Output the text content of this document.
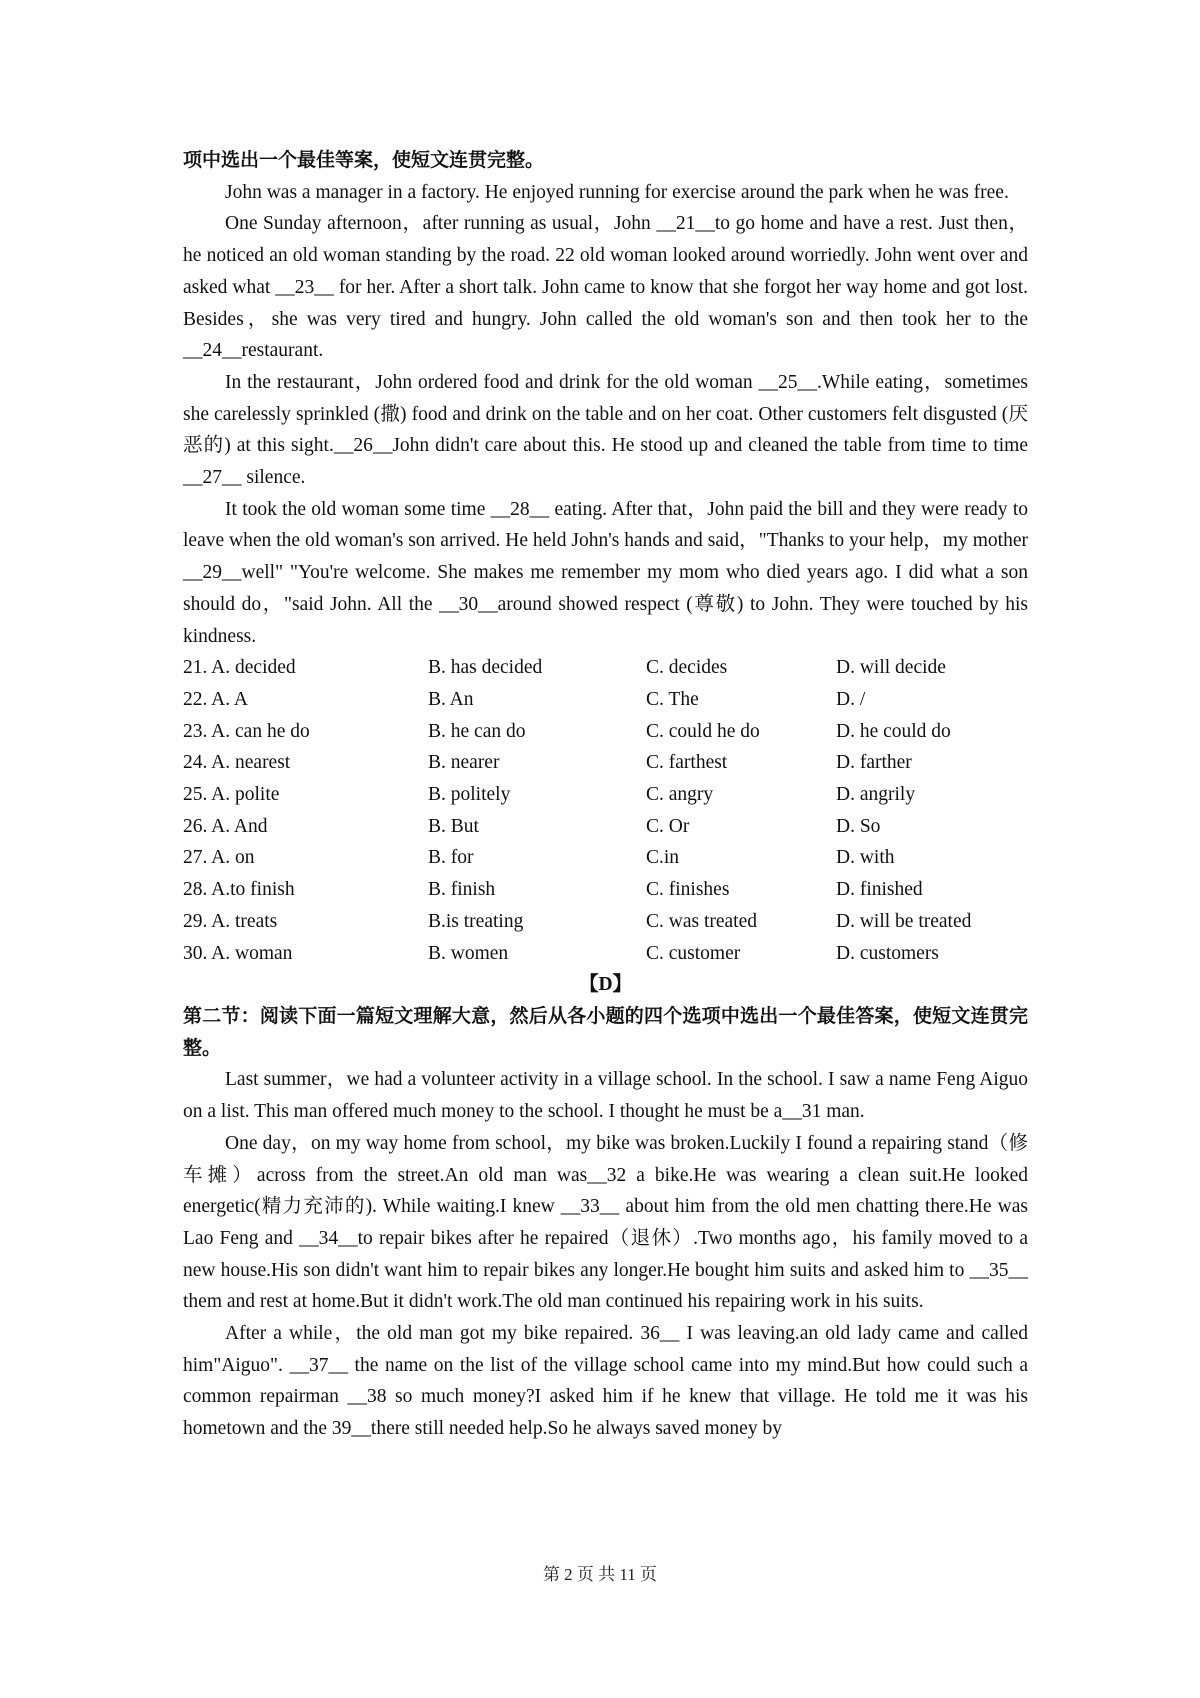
项中选出一个最佳等案，使短文连贯完整。
John was a manager in a factory. He enjoyed running for exercise around the park when he was free.
One Sunday afternoon，after running as usual，John __21__to go home and have a rest. Just then，he noticed an old woman standing by the road. 22 old woman looked around worriedly. John went over and asked what __23__ for her. After a short talk. John came to know that she forgot her way home and got lost. Besides，she was very tired and hungry. John called the old woman's son and then took her to the __24__restaurant.
In the restaurant，John ordered food and drink for the old woman __25__.While eating，sometimes she carelessly sprinkled (撒) food and drink on the table and on her coat. Other customers felt disgusted (厌恶的) at this sight.__26__John didn't care about this. He stood up and cleaned the table from time to time __27__ silence.
It took the old woman some time __28__ eating. After that，John paid the bill and they were ready to leave when the old woman's son arrived. He held John's hands and said，"Thanks to your help，my mother __29__well" "You're welcome. She makes me remember my mom who died years ago. I did what a son should do，"said John. All the __30__around showed respect (尊敬) to John. They were touched by his kindness.
21. A. decided	B. has decided	C. decides	D. will decide
22. A. A	B. An	C. The	D. /
23. A. can he do	B. he can do	C. could he do	D. he could do
24. A. nearest	B. nearer	C. farthest	D. farther
25. A. polite	B. politely	C. angry	D. angrily
26. A. And	B. But	C. Or	D. So
27. A. on	B. for	C.in	D. with
28. A.to finish	B. finish	C. finishes	D. finished
29. A. treats	B.is treating	C. was treated	D. will be treated
30. A. woman	B. women	C. customer	D. customers
【D】
第二节：阅读下面一篇短文理解大意，然后从各小题的四个选项中选出一个最佳答案，使短文连贯完整。
Last summer，we had a volunteer activity in a village school. In the school. I saw a name Feng Aiguo on a list. This man offered much money to the school. I thought he must be a__31 man.
One day，on my way home from school，my bike was broken.Luckily I found a repairing stand（修车摊）across from the street.An old man was__32 a bike.He was wearing a clean suit.He looked energetic(精力充沛的). While waiting.I knew __33__ about him from the old men chatting there.He was Lao Feng and __34__to repair bikes after he repaired（退休）.Two months ago，his family moved to a new house.His son didn't want him to repair bikes any longer.He bought him suits and asked him to __35__ them and rest at home.But it didn't work.The old man continued his repairing work in his suits.
After a while，the old man got my bike repaired. 36__ I was leaving.an old lady came and called him"Aiguo". __37__ the name on the list of the village school came into my mind.But how could such a common repairman __38 so much money?I asked him if he knew that village. He told me it was his hometown and the 39__there still needed help.So he always saved money by
第 2 页 共 11 页
